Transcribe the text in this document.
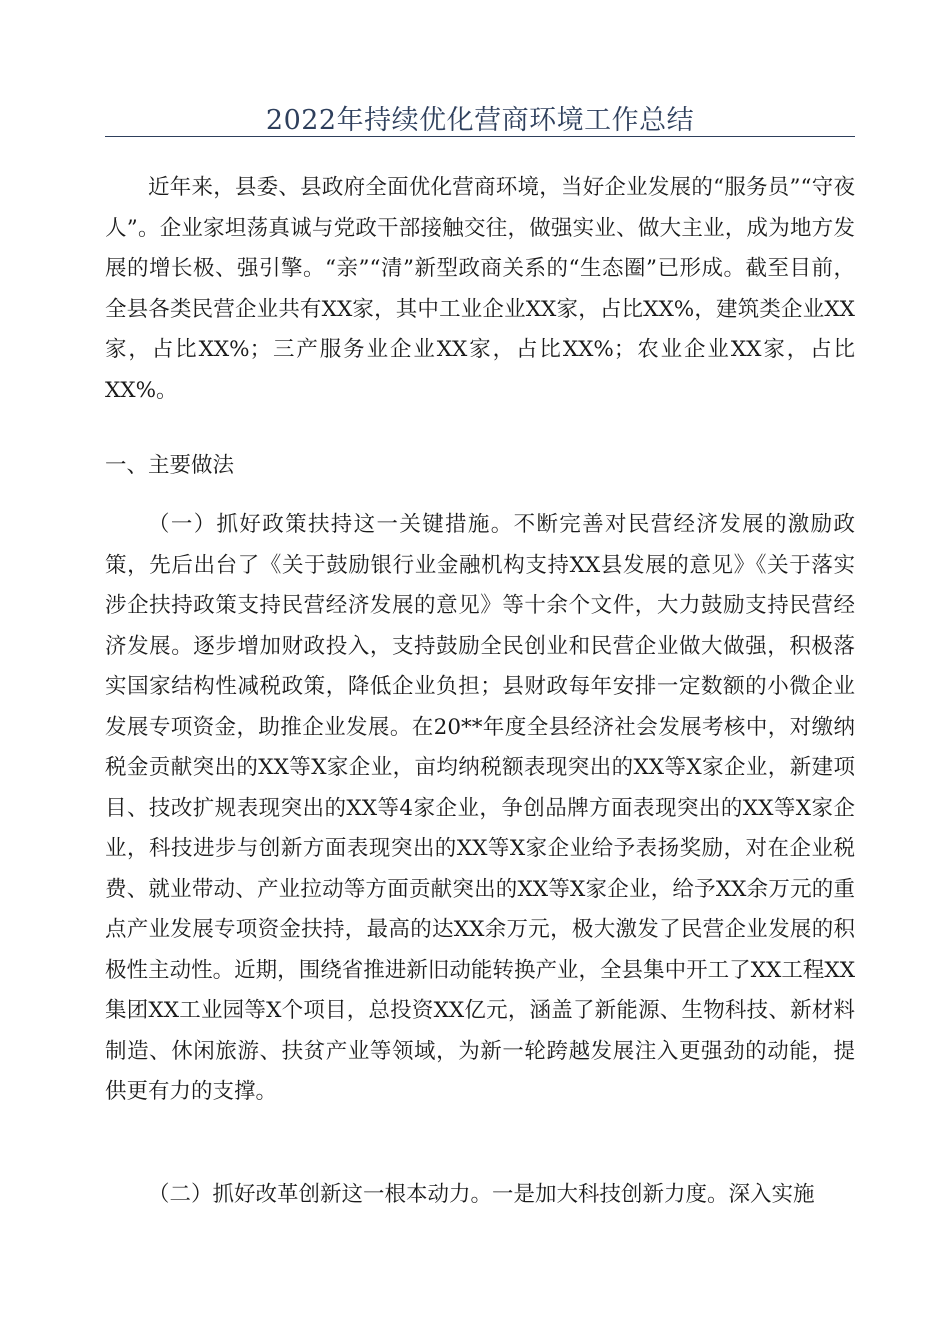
2022年持续优化营商环境工作总结

近年来，县委、县政府全面优化营商环境，当好企业发展的“服务员”“守夜人”。企业家坦荡真诚与党政干部接触交往，做强实业、做大主业，成为地方发展的增长极、强引擎。“亲”“清”新型政商关系的“生态圈”已形成。截至目前，全县各类民营企业共有XX家，其中工业企业XX家，占比XX%，建筑类企业XX家，占比XX%；三产服务业企业XX家，占比XX%；农业企业XX家，占比XX%。

一、主要做法

（一）抓好政策扶持这一关键措施。不断完善对民营经济发展的激励政策，先后出台了《关于鼓励银行业金融机构支持XX县发展的意见》《关于落实涉企扶持政策支持民营经济发展的意见》等十余个文件，大力鼓励支持民营经济发展。逐步增加财政投入，支持鼓励全民创业和民营企业做大做强，积极落实国家结构性减税政策，降低企业负担；县财政每年安排一定数额的小微企业发展专项资金，助推企业发展。在20**年度全县经济社会发展考核中，对缴纳税金贡献突出的XX等X家企业，亩均纳税额表现突出的XX等X家企业，新建项目、技改扩规表现突出的XX等4家企业，争创品牌方面表现突出的XX等X家企业，科技进步与创新方面表现突出的XX等X家企业给予表扬奖励，对在企业税费、就业带动、产业拉动等方面贡献突出的XX等X家企业，给予XX余万元的重点产业发展专项资金扶持，最高的达XX余万元，极大激发了民营企业发展的积极性主动性。近期，围绕省推进新旧动能转换产业，全县集中开工了XX工程XX集团XX工业园等X个项目，总投资XX亿元，涵盖了新能源、生物科技、新材料制造、休闲旅游、扶贫产业等领域，为新一轮跨越发展注入更强劲的动能，提供更有力的支撑。

（二）抓好改革创新这一根本动力。一是加大科技创新力度。深入实施
